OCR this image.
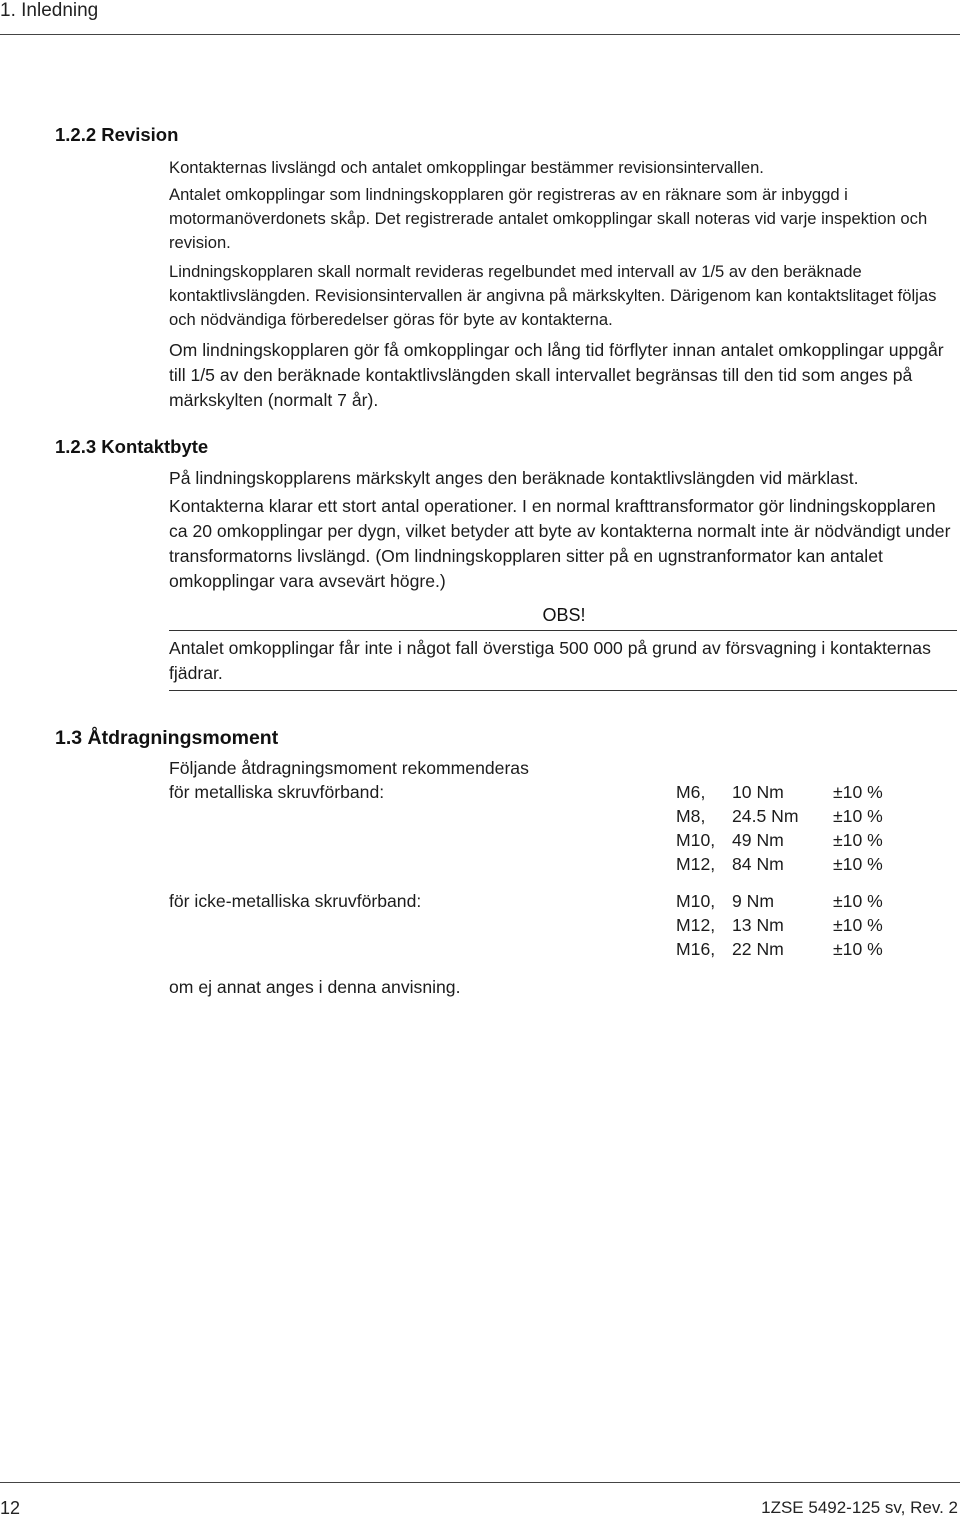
1. Inledning
1.2.2 Revision

Kontakternas livslängd och antalet omkopplingar bestämmer revisionsintervallen.

Antalet omkopplingar som lindningskopplaren gör registreras av en räknare som är inbyggd i motormanöverdonets skåp. Det registrerade antalet omkopplingar skall noteras vid varje inspektion och revision.

Lindningskopplaren skall normalt revideras regelbundet med intervall av 1/5 av den beräknade kontaktlivslängden. Revisionsintervallen är angivna på märkskylten. Därigenom kan kontaktslitaget följas och nödvändiga förberedelser göras för byte av kontakterna.

Om lindningskopplaren gör få omkopplingar och lång tid förflyter innan antalet omkopplingar uppgår till 1/5 av den beräknade kontaktlivslängden skall intervallet begränsas till den tid som anges på märkskylten (normalt 7 år).

1.2.3 Kontaktbyte

På lindningskopplarens märkskylt anges den beräknade kontaktlivslängden vid märklast.

Kontakterna klarar ett stort antal operationer. I en normal krafttransformator gör lindningskopplaren ca 20 omkopplingar per dygn, vilket betyder att byte av kontakterna normalt inte är nödvändigt under transformatorns livslängd. (Om lindningskopplaren sitter på en ugnstranformator kan antalet omkopplingar vara avsevärt högre.)

OBS!

Antalet omkopplingar får inte i något fall överstiga 500 000 på grund av försvagning i kontakternas fjädrar.

1.3 Åtdragningsmoment
Följande åtdragningsmoment rekommenderas
för metalliska skruvförband:	M6, 10 Nm	±10 %
M8, 24.5 Nm ±10 %
M10, 49 Nm	±10 %
M12, 84 Nm	±10 %
för icke-metalliska skruvförband:	M10, 9 Nm	±10 %
M12, 13 Nm	±10 %
M16, 22 Nm	±10 %
om ej annat anges i denna anvisning.
12	1ZSE 5492-125 sv, Rev. 2
